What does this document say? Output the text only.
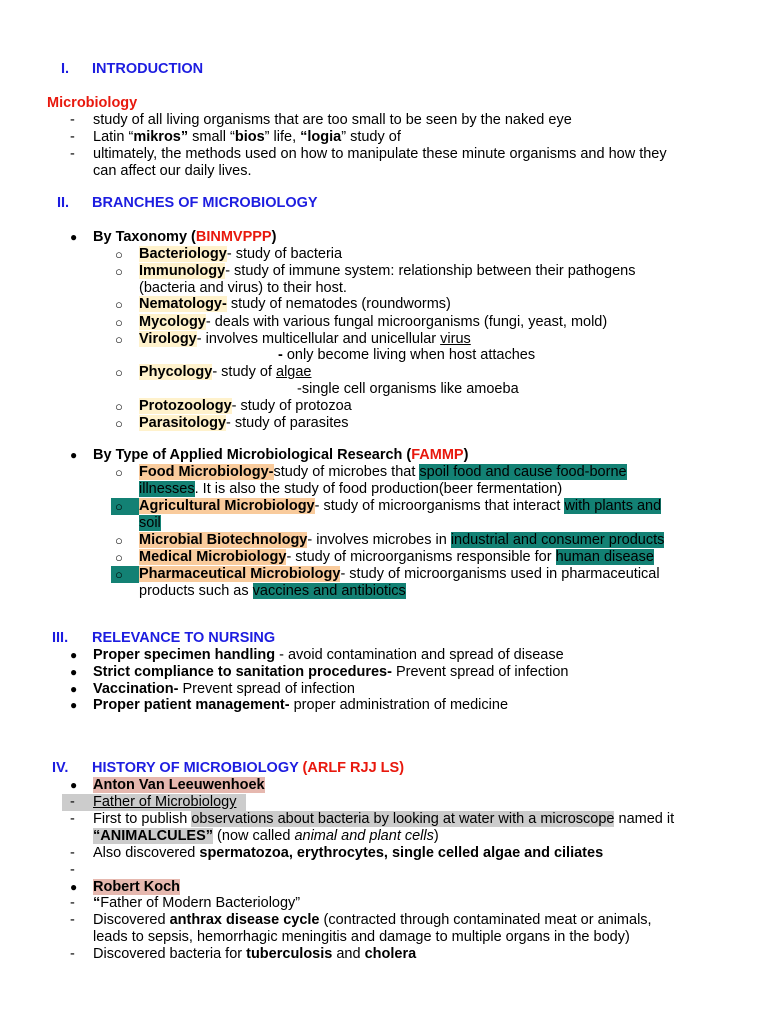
I. INTRODUCTION
Microbiology
- study of all living organisms that are too small to be seen by the naked eye
- Latin “mikros” small “bios” life, “logia” study of
- ultimately, the methods used on how to manipulate these minute organisms and how they
can affect our daily lives.
II. BRANCHES OF MICROBIOLOGY
● By Taxonomy (BINMVPPP)
○ Bacteriology- study of bacteria
○ Immunology- study of immune system: relationship between their pathogens
(bacteria and virus) to their host.
○ Nematology- study of nematodes (roundworms)
○ Mycology- deals with various fungal microorganisms (fungi, yeast, mold)
○ Virology- involves multicellular and unicellular virus
- only become living when host attaches
○ Phycology- study of algae
-single cell organisms like amoeba
○ Protozoology- study of protozoa
○ Parasitology- study of parasites
● By Type of Applied Microbiological Research (FAMMP)
○ Food Microbiology-study of microbes that spoil food and cause food-borne
illnesses. It is also the study of food production(beer fermentation)
○ Agricultural Microbiology- study of microorganisms that interact with plants and
soil
○ Microbial Biotechnology- involves microbes in industrial and consumer products
○ Medical Microbiology- study of microorganisms responsible for human disease
○ Pharmaceutical Microbiology- study of microorganisms used in pharmaceutical
products such as vaccines and antibiotics
III. RELEVANCE TO NURSING
● Proper specimen handling - avoid contamination and spread of disease
● Strict compliance to sanitation procedures- Prevent spread of infection
● Vaccination- Prevent spread of infection
● Proper patient management- proper administration of medicine
IV. HISTORY OF MICROBIOLOGY (ARLF RJJ LS)
● Anton Van Leeuwenhoek
- Father of Microbiology
- First to publish observations about bacteria by looking at water with a microscope named it
“ANIMALCULES” (now called animal and plant cells)
- Also discovered spermatozoa, erythrocytes, single celled algae and ciliates
-
● Robert Koch
- “Father of Modern Bacteriology”
- Discovered anthrax disease cycle (contracted through contaminated meat or animals,
leads to sepsis, hemorrhagic meningitis and damage to multiple organs in the body)
- Discovered bacteria for tuberculosis and cholera
